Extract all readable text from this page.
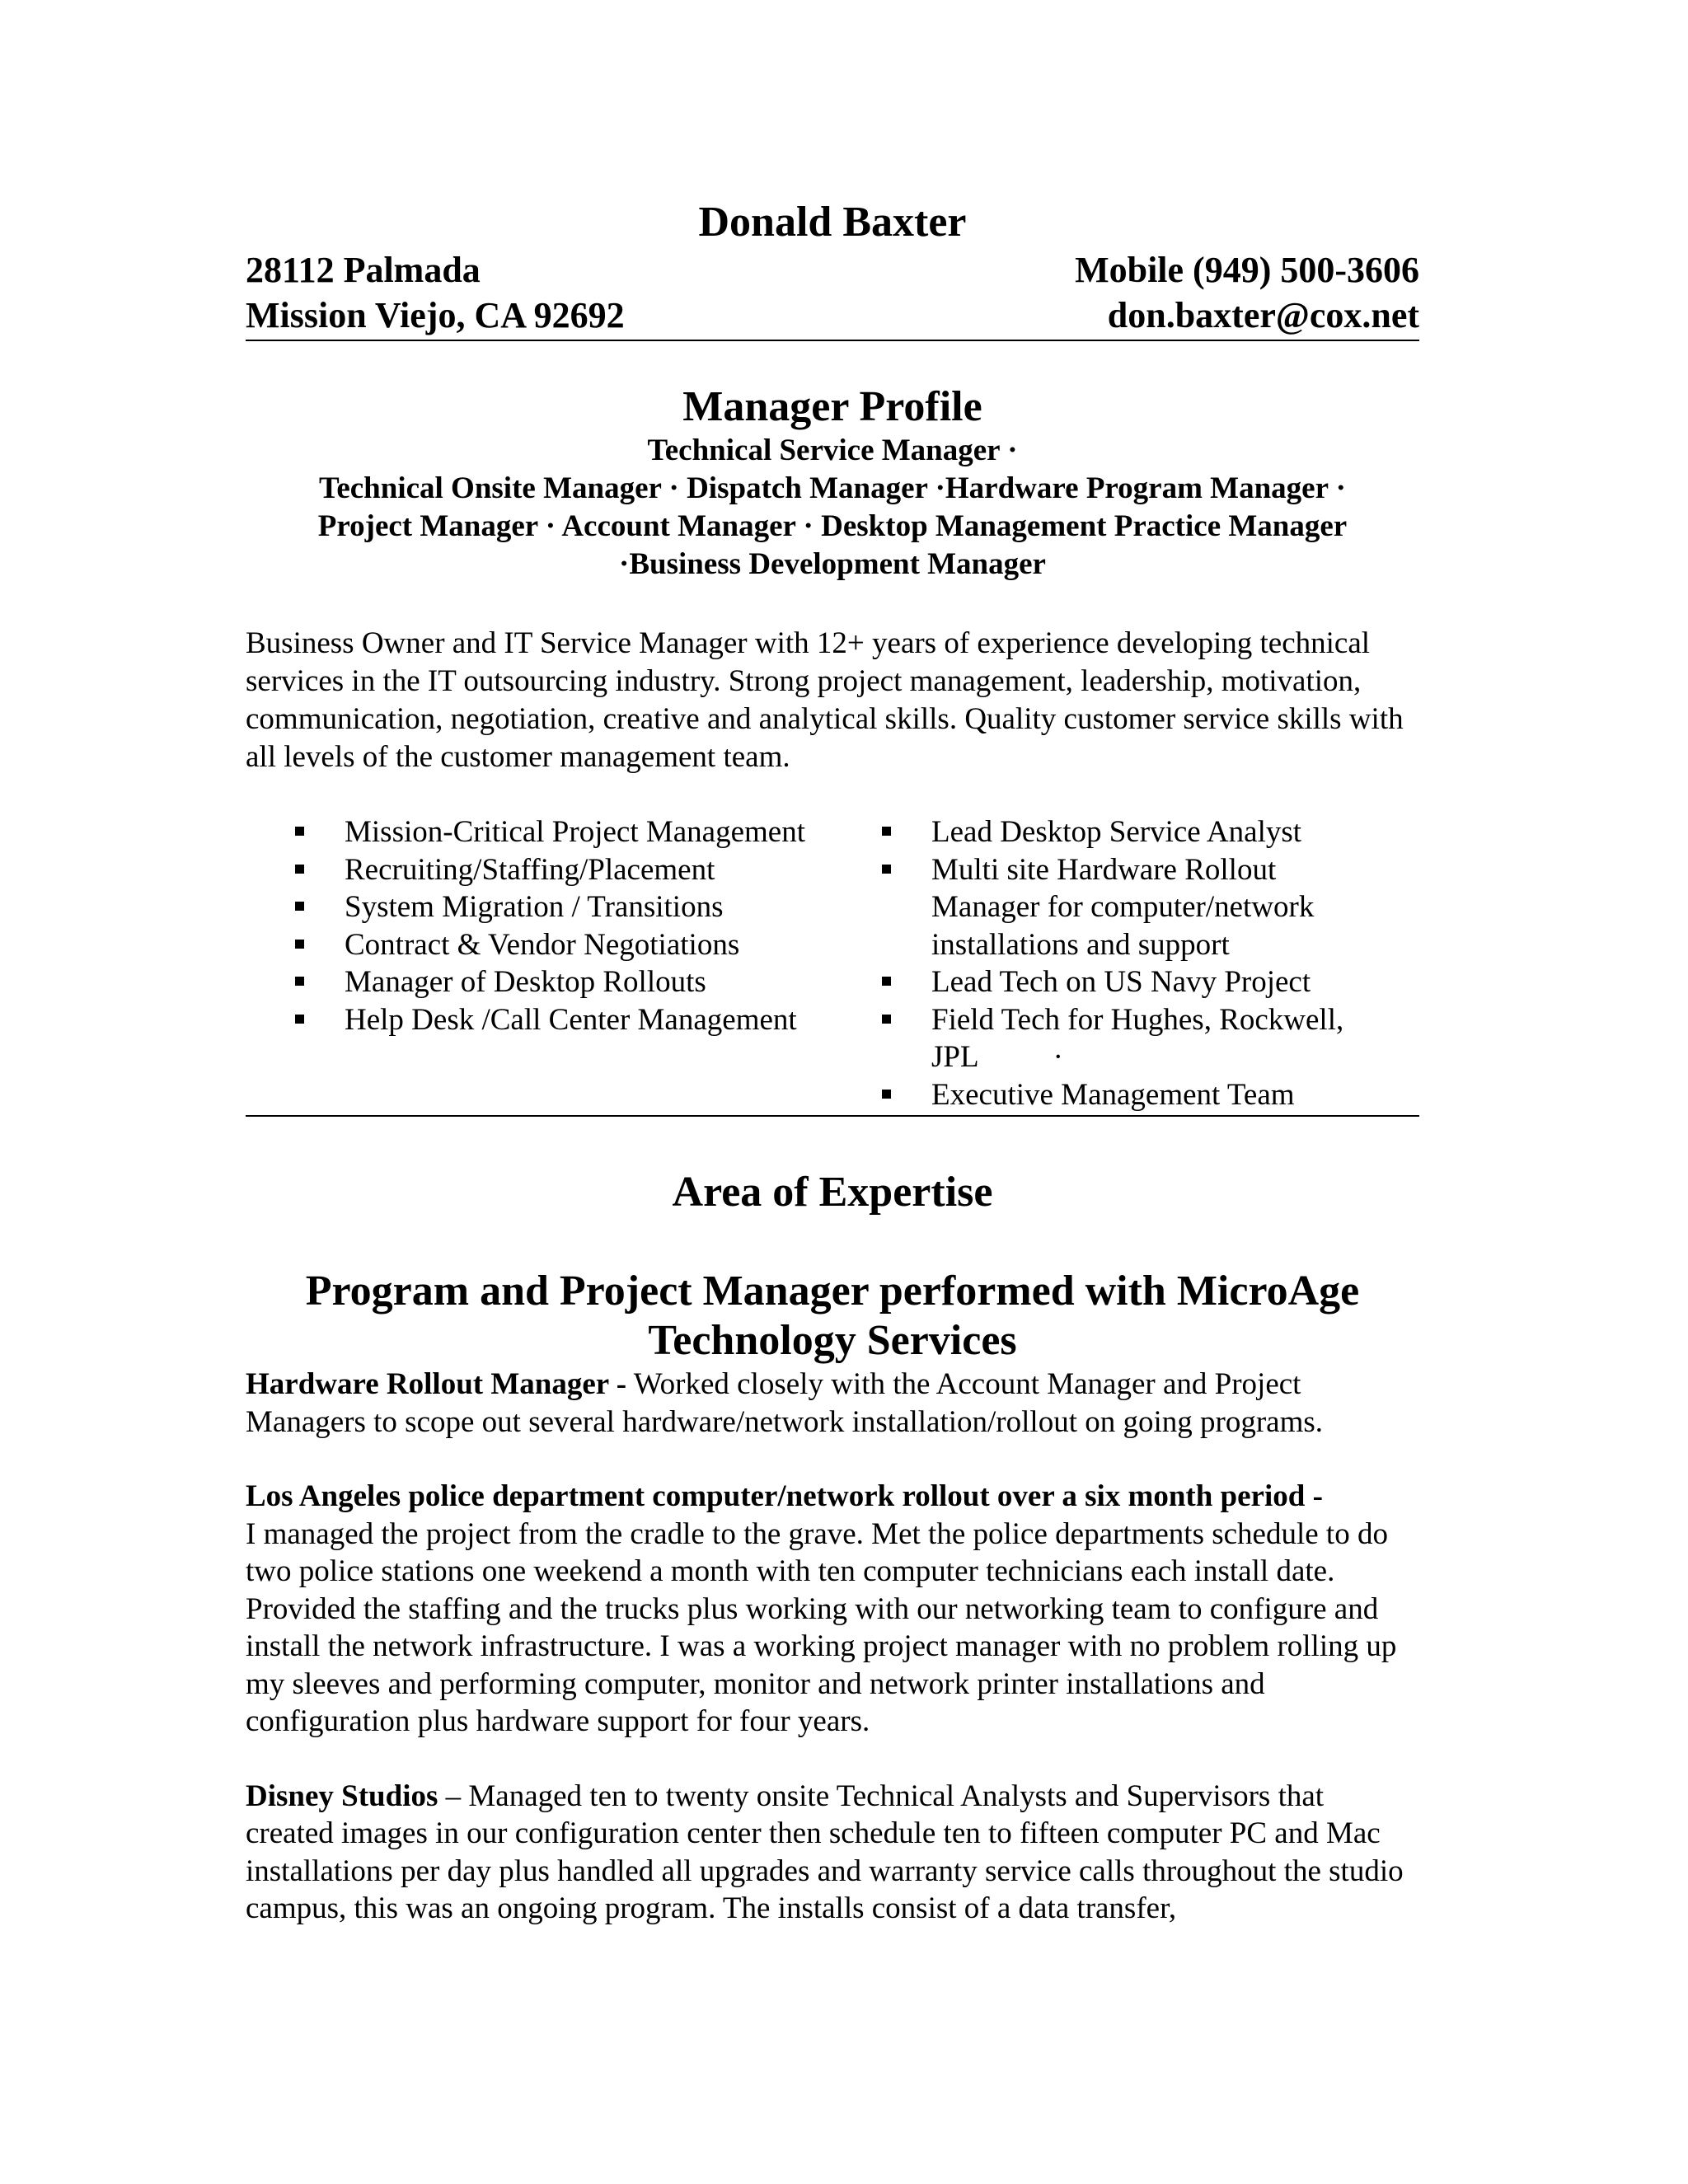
Donald Baxter
28112 Palmada	Mobile (949) 500-3606
Mission Viejo, CA 92692	don.baxter@cox.net
Manager Profile
Technical Service Manager ·
Technical Onsite Manager · Dispatch Manager ·Hardware Program Manager ·
Project Manager · Account Manager · Desktop Management Practice Manager
·Business Development Manager

Business Owner and IT Service Manager with 12+ years of experience developing technical services in the IT outsourcing industry. Strong project management, leadership, motivation, communication, negotiation, creative and analytical skills. Quality customer service skills with all levels of the customer management team.

Mission-Critical Project Management
Recruiting/Staffing/Placement
System Migration / Transitions
Contract & Vendor Negotiations
Manager of Desktop Rollouts
Help Desk /Call Center Management
Lead Desktop Service Analyst
Multi site Hardware Rollout Manager for computer/network installations and support
Lead Tech on US Navy Project
Field Tech for Hughes, Rockwell, JPL ·
Executive Management Team
Area of Expertise
Program and Project Manager performed with MicroAge
Technology Services

Hardware Rollout Manager - Worked closely with the Account Manager and Project Managers to scope out several hardware/network installation/rollout on going programs.

Los Angeles police department computer/network rollout over a six month period -
I managed the project from the cradle to the grave. Met the police departments schedule to do two police stations one weekend a month with ten computer technicians each install date. Provided the staffing and the trucks plus working with our networking team to configure and install the network infrastructure. I was a working project manager with no problem rolling up my sleeves and performing computer, monitor and network printer installations and configuration plus hardware support for four years.

Disney Studios – Managed ten to twenty onsite Technical Analysts and Supervisors that created images in our configuration center then schedule ten to fifteen computer PC and Mac installations per day plus handled all upgrades and warranty service calls throughout the studio campus, this was an ongoing program. The installs consist of a data transfer,
